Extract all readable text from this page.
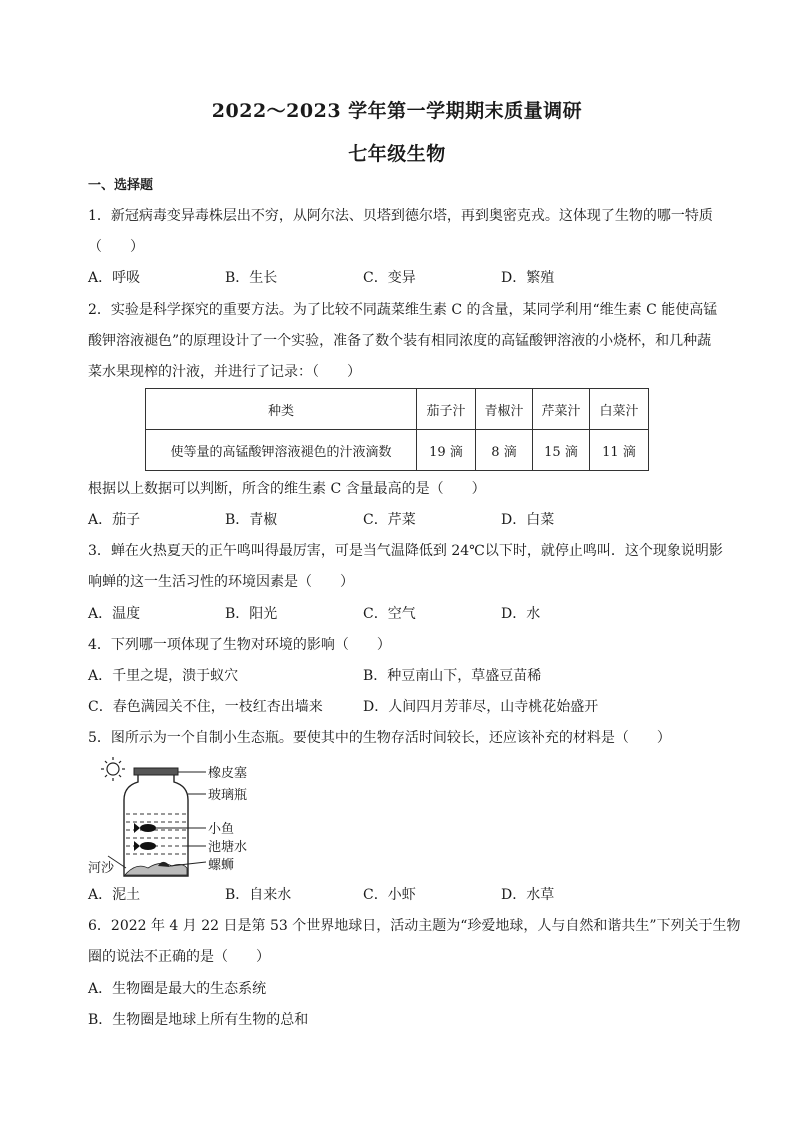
2022～2023 学年第一学期期末质量调研
七年级生物
一、选择题
1．新冠病毒变异毒株层出不穷，从阿尔法、贝塔到德尔塔，再到奥密克戎。这体现了生物的哪一特质
（　　）
A．呼吸	B．生长	C．变异	D．繁殖
2．实验是科学探究的重要方法。为了比较不同蔬菜维生素 C 的含量，某同学利用“维生素 C 能使高锰
酸钾溶液褪色”的原理设计了一个实验，准备了数个装有相同浓度的高锰酸钾溶液的小烧杯，和几种蔬
菜水果现榨的汁液，并进行了记录：（　　）
种类	茄子汁	青椒汁	芹菜汁	白菜汁
使等量的高锰酸钾溶液褪色的汁液滴数	19 滴	8 滴	15 滴	11 滴
根据以上数据可以判断，所含的维生素 C 含量最高的是（　　）
A．茄子	B．青椒	C．芹菜	D．白菜
3．蝉在火热夏天的正午鸣叫得最厉害，可是当气温降低到 24℃以下时，就停止鸣叫．这个现象说明影
响蝉的这一生活习性的环境因素是（　　）
A．温度	B．阳光	C．空气	D．水
4．下列哪一项体现了生物对环境的影响（　　）
A．千里之堤，溃于蚁穴	B．种豆南山下，草盛豆苗稀
C．春色满园关不住，一枝红杏出墙来	D．人间四月芳菲尽，山寺桃花始盛开
5．图所示为一个自制小生态瓶。要使其中的生物存活时间较长，还应该补充的材料是（　　）
橡皮塞
玻璃瓶
小鱼
池塘水
螺蛳
河沙
A．泥土	B．自来水	C．小虾	D．水草
6．2022 年 4 月 22 日是第 53 个世界地球日，活动主题为“珍爱地球，人与自然和谐共生”下列关于生物
圈的说法不正确的是（　　）
A．生物圈是最大的生态系统
B．生物圈是地球上所有生物的总和
